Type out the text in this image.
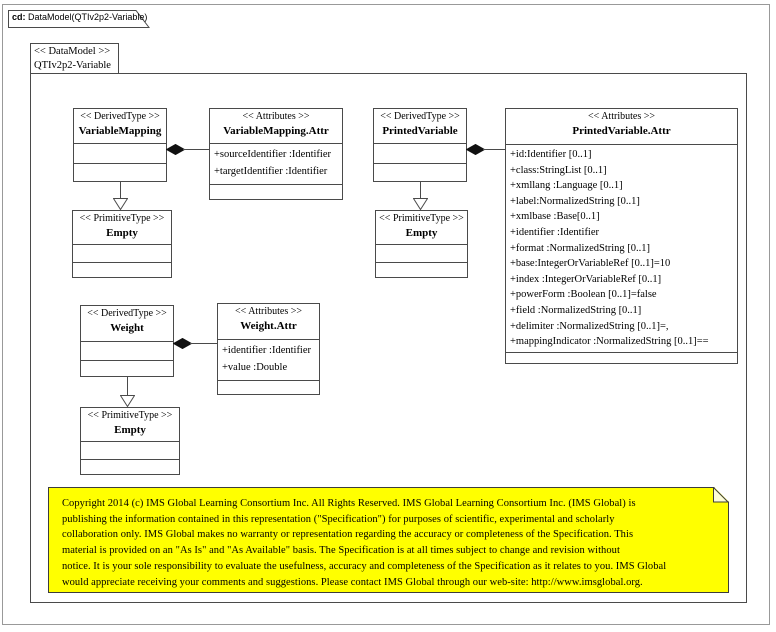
cd: DataModel(QTIv2p2-Variable)
<< DataModel >>
QTIv2p2-Variable
<< DerivedType >>
VariableMapping
<< Attributes >>
VariableMapping.Attr
+sourceIdentifier :Identifier
+targetIdentifier :Identifier
<< DerivedType >>
PrintedVariable
<< Attributes >>
PrintedVariable.Attr
+id:Identifier [0..1]
+class:StringList [0..1]
+xmllang :Language [0..1]
+label:NormalizedString [0..1]
+xmlbase :Base[0..1]
+identifier :Identifier
+format :NormalizedString [0..1]
+base:IntegerOrVariableRef [0..1]=10
+index :IntegerOrVariableRef [0..1]
+powerForm :Boolean [0..1]=false
+field :NormalizedString [0..1]
+delimiter :NormalizedString [0..1]=,
+mappingIndicator :NormalizedString [0..1]==
<< PrimitiveType >>
Empty
<< PrimitiveType >>
Empty
<< DerivedType >>
Weight
<< Attributes >>
Weight.Attr
+identifier :Identifier
+value :Double
<< PrimitiveType >>
Empty
Copyright 2014 (c) IMS Global Learning Consortium Inc. All Rights Reserved. IMS Global Learning Consortium Inc. (IMS Global) is
publishing the information contained in this representation ("Specification") for purposes of scientific, experimental and scholarly
collaboration only. IMS Global makes no warranty or representation regarding the accuracy or completeness of the Specification. This
material is provided on an "As Is" and "As Available" basis. The Specification is at all times subject to change and revision without
notice. It is your sole responsibility to evaluate the usefulness, accuracy and completeness of the Specification as it relates to you. IMS Global
would appreciate receiving your comments and suggestions. Please contact IMS Global through our web-site: http://www.imsglobal.org.
